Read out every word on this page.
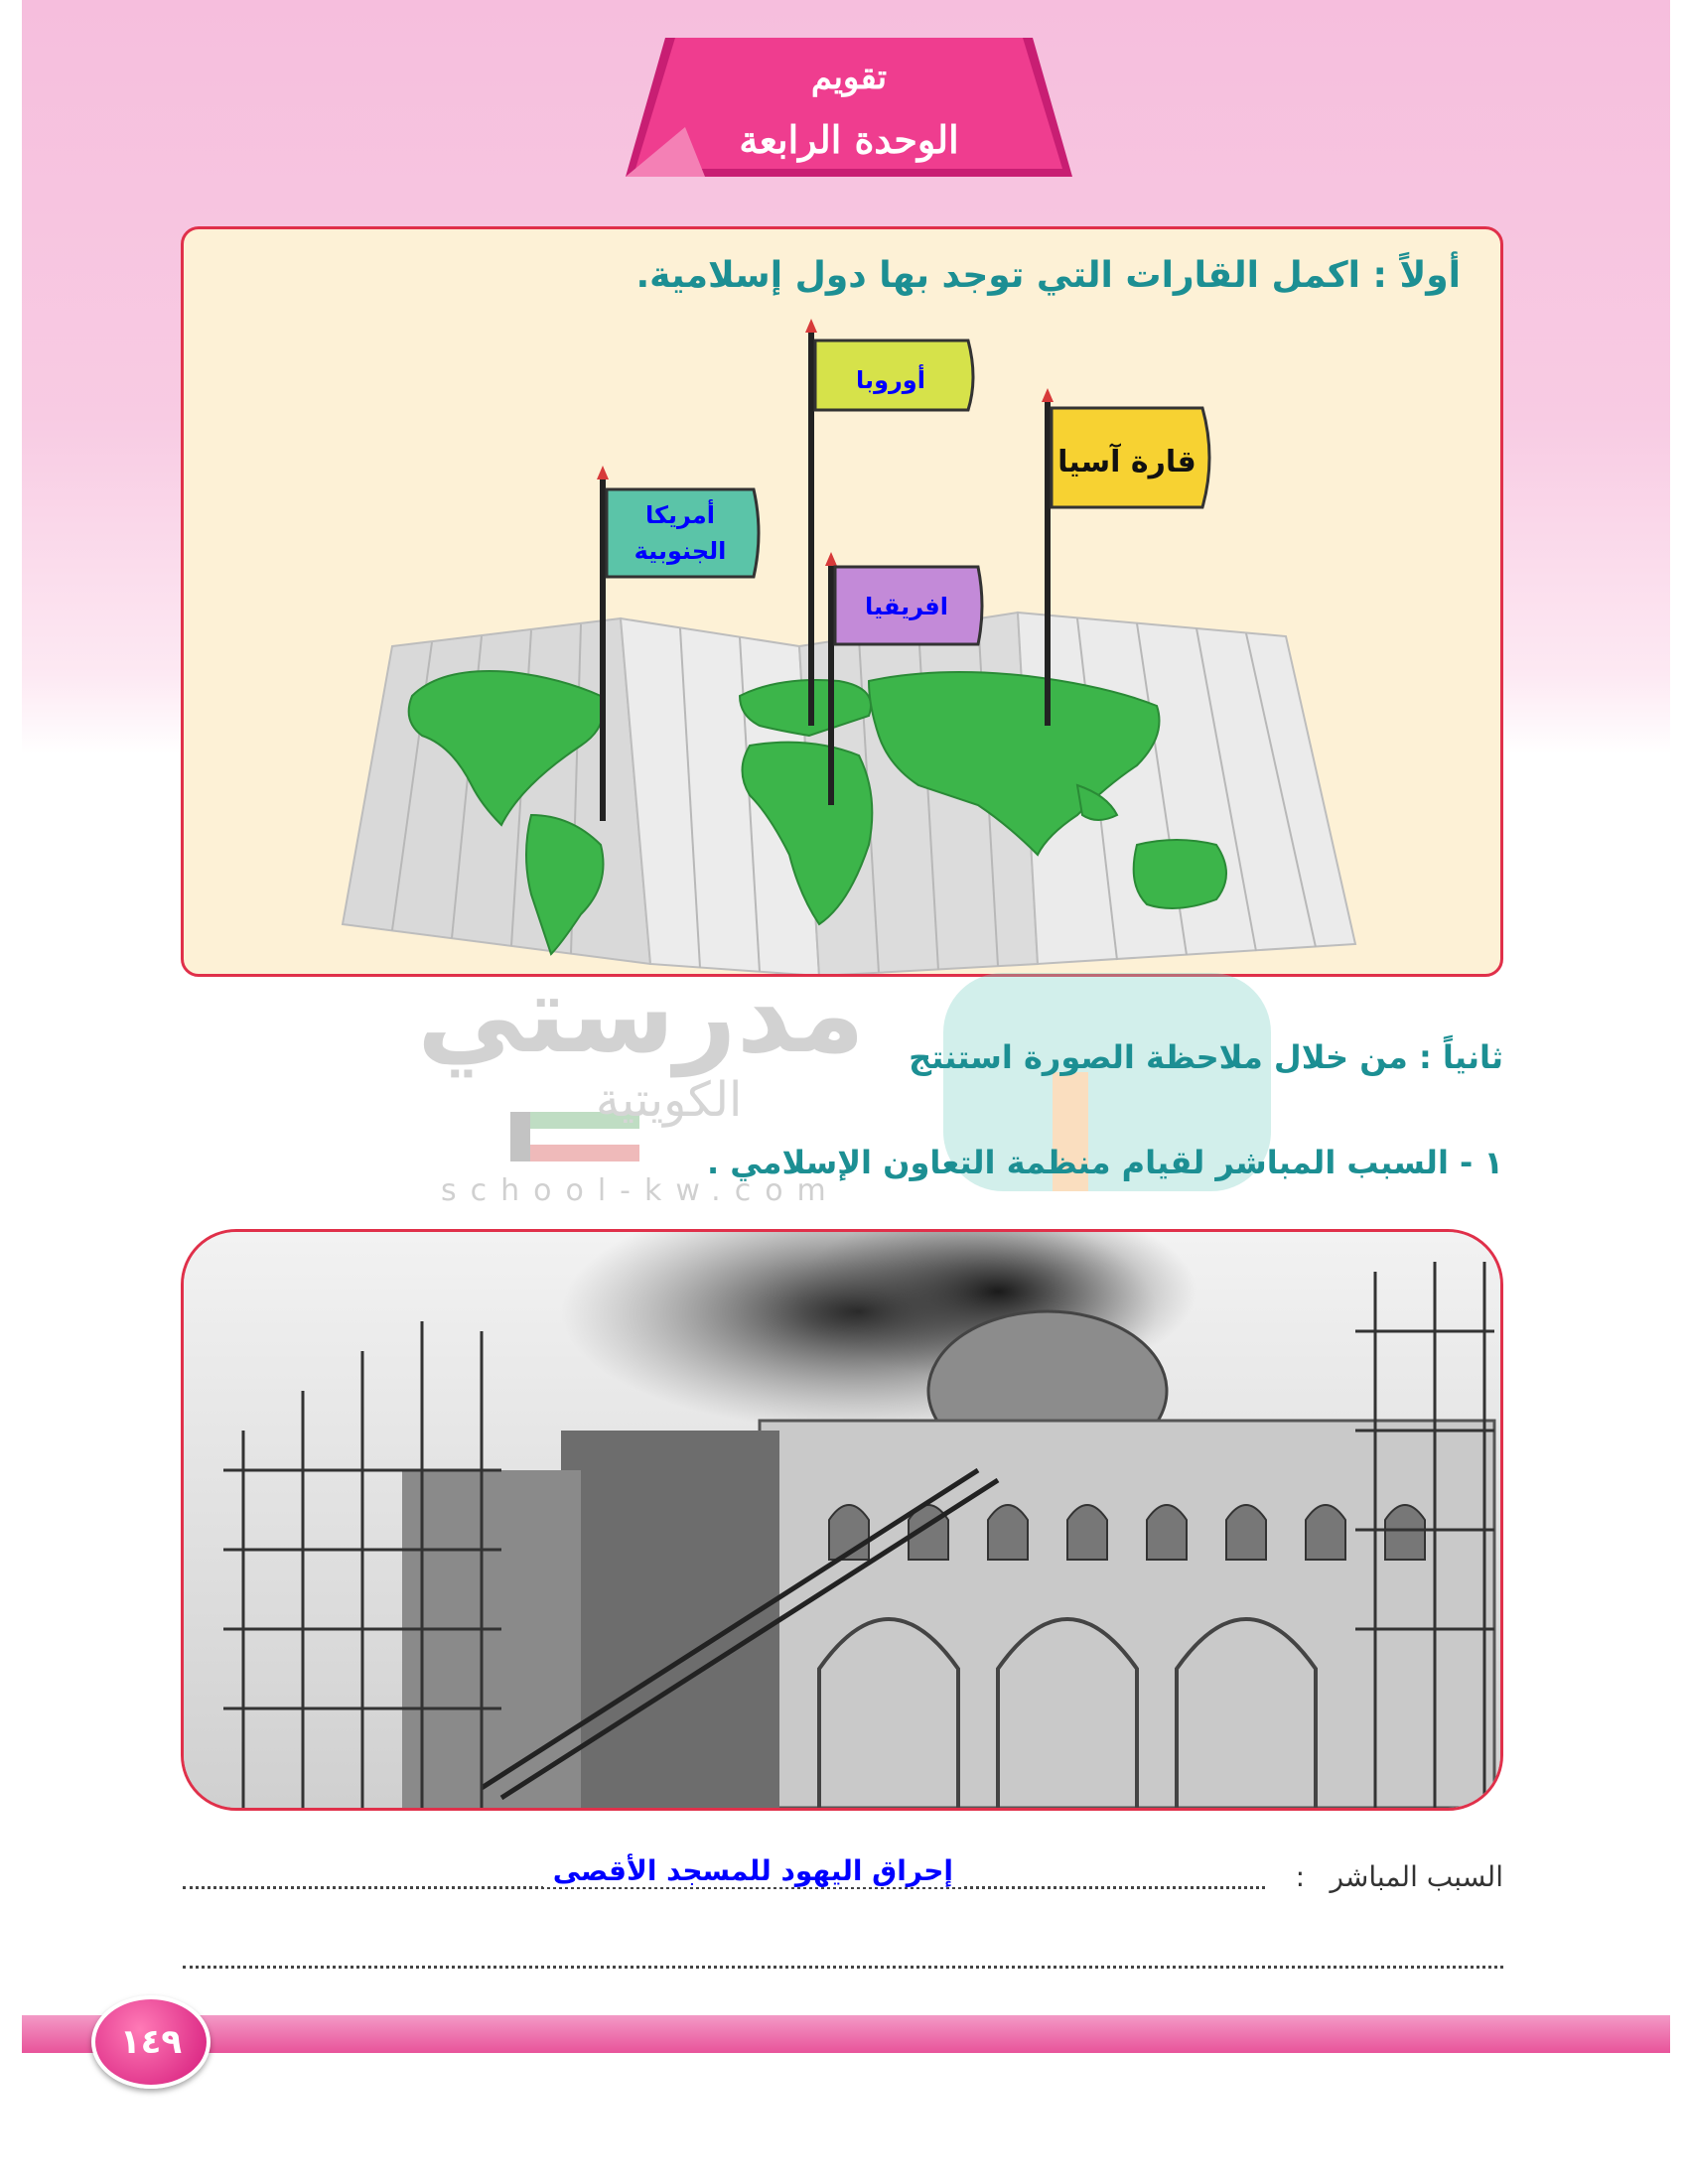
تقويم
الوحدة الرابعة
أولاً : اكمل القارات التي توجد بها دول إسلامية.
قارة آسيا
أوروبا
افريقيا
أمريكا
الجنوبية
مدرستي
الكويتية
school-kw.com
ثانياً : من خلال ملاحظة الصورة استنتج
١ - السبب المباشر لقيام منظمة التعاون الإسلامي .
السبب المباشر
:
إحراق اليهود للمسجد الأقصى
١٤٩
